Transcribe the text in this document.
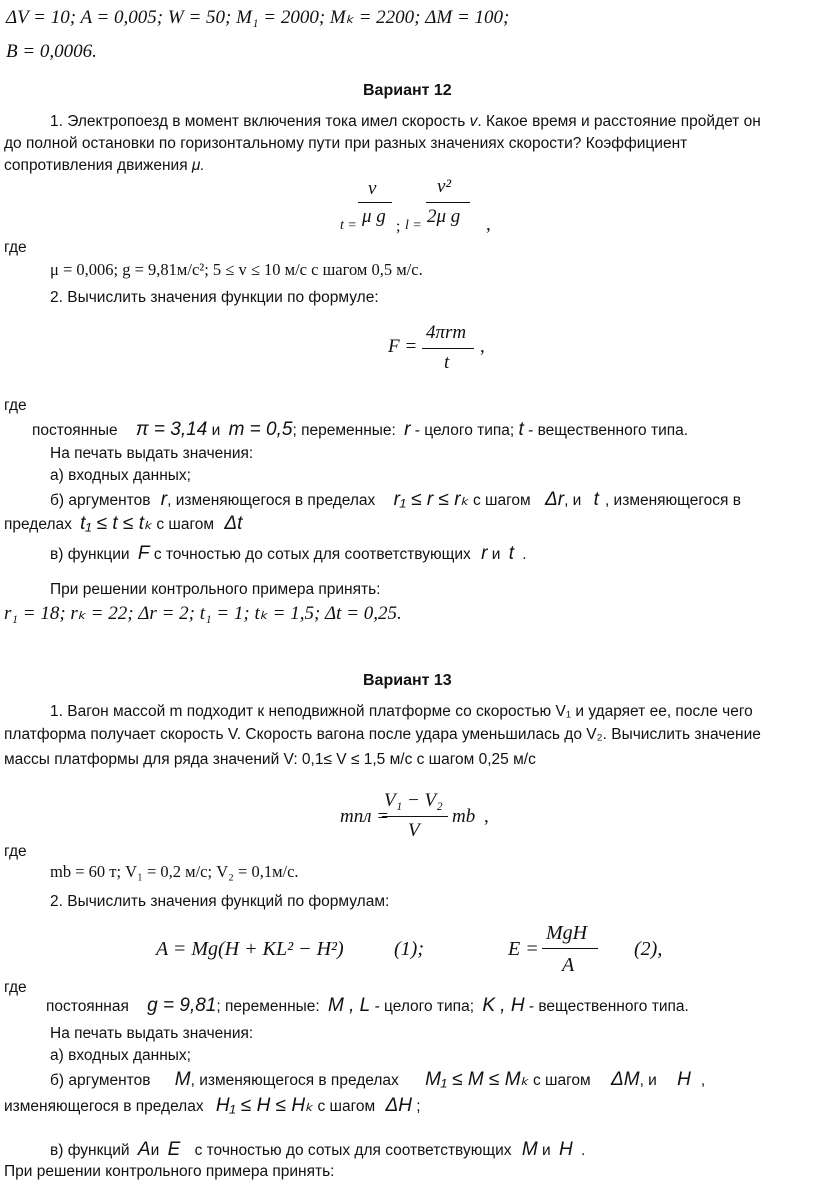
ΔV = 10; A = 0,005; W = 50; M₁ = 2000; Mₖ = 2200; ΔM = 100;
B = 0,0006.
Вариант 12
1. Электропоезд в момент включения тока имел скорость v. Какое время и расстояние пройдет он
до полной остановки по горизонтальному пути при разных значениях скорости? Коэффициент
сопротивления движения μ.
v
t = μ g ; l =
v²
2μ g ,
где
μ = 0,006; g = 9,81м/с²; 5 ≤ v ≤ 10 м/с с шагом 0,5 м/с.
2. Вычислить значения функции по формуле:
F =
4πrm
t
,
где
постоянные π = 3,14 и m = 0,5; переменные: r - целого типа; t - вещественного типа.
На печать выдать значения:
а) входных данных;
б) аргументов r, изменяющегося в пределах r₁ ≤ r ≤ rₖ с шагом Δr, и t , изменяющегося в
пределах t₁ ≤ t ≤ tₖ с шагом Δt
в) функции F с точностью до сотых для соответствующих r и t .
При решении контрольного примера принять:
r₁ = 18; rₖ = 22; Δr = 2; t₁ = 1; tₖ = 1,5; Δt = 0,25.
Вариант 13
1. Вагон массой m подходит к неподвижной платформе со скоростью V₁ и ударяет ее, после чего
платформа получает скорость V. Скорость вагона после удара уменьшилась до V₂. Вычислить значение
массы платформы для ряда значений V: 0,1≤ V ≤ 1,5 м/с с шагом 0,25 м/с
mпл =
V₁ − V₂
V
mb ,
где
mb = 60 т; V₁ = 0,2 м/с; V₂ = 0,1м/с.
2. Вычислить значения функций по формулам:
A = Mg(H + KL² − H²)	(1);	E =
MgH
A
(2),
где
постоянная g = 9,81; переменные: M , L - целого типа; K , H - вещественного типа.
На печать выдать значения:
а) входных данных;
б) аргументов M, изменяющегося в пределах M₁ ≤ M ≤ Mₖ с шагом ΔM, и H ,
изменяющегося в пределах H₁ ≤ H ≤ Hₖ с шагом ΔH ;
в) функций Aи E с точностью до сотых для соответствующих M и H .
При решении контрольного примера принять:
